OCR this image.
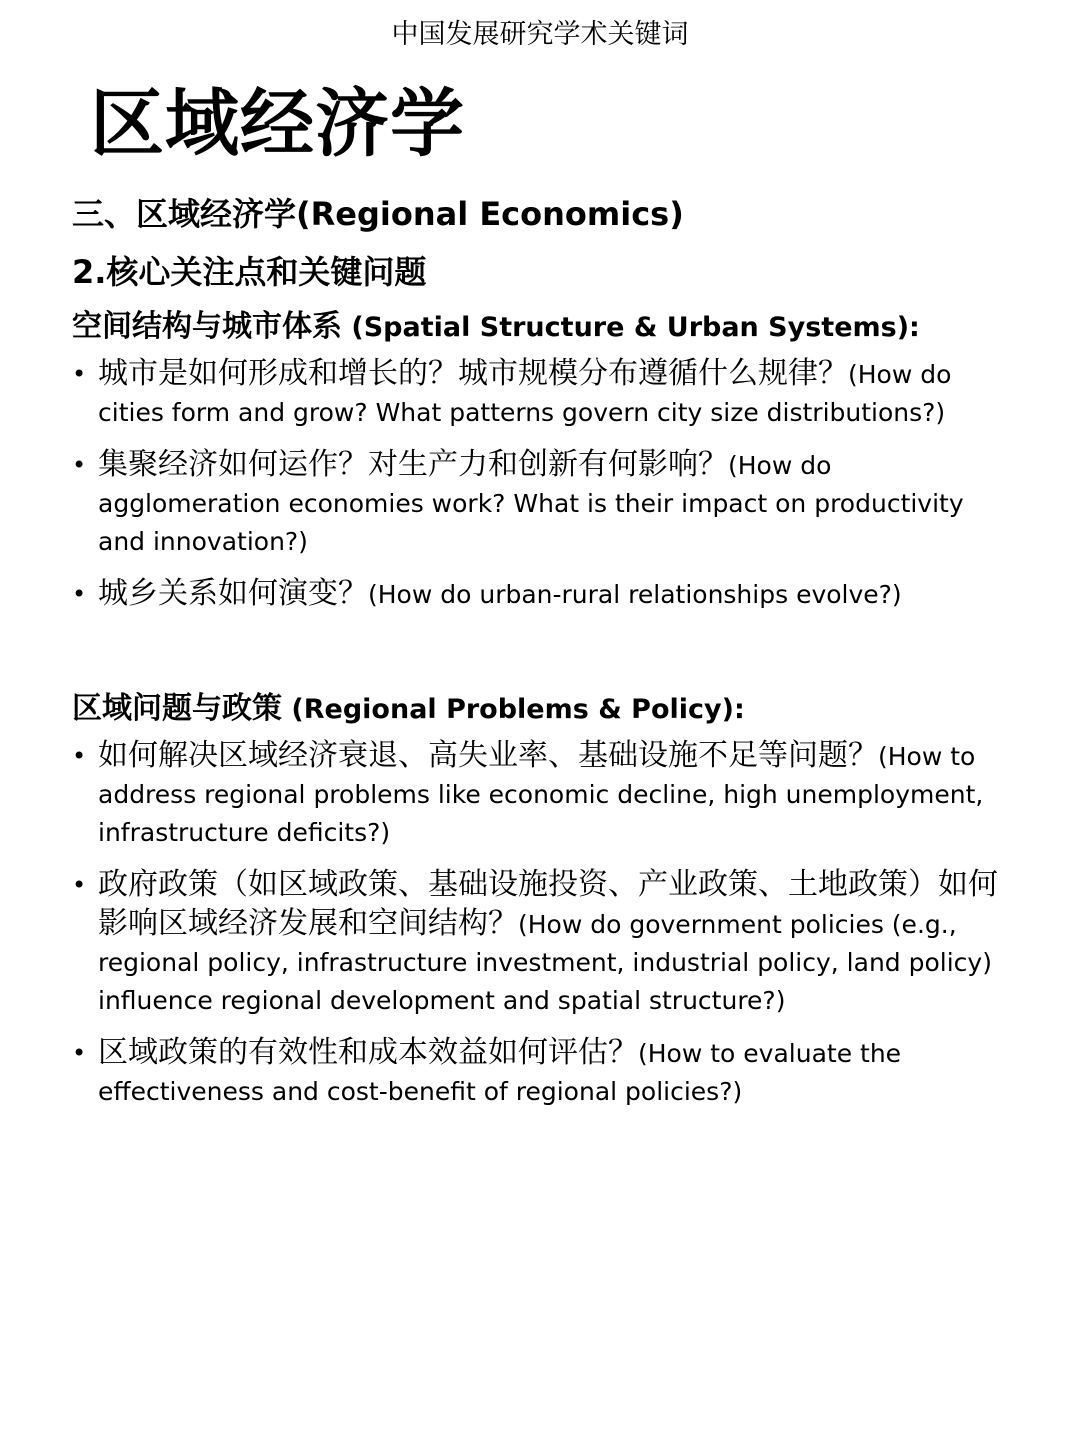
中国发展研究学术关键词
区域经济学
三、区域经济学(Regional Economics)
2.核心关注点和关键问题
空间结构与城市体系 (Spatial Structure & Urban Systems):
• 城市是如何形成和增长的？城市规模分布遵循什么规律？(How do cities form and grow? What patterns govern city size distributions?)
• 集聚经济如何运作？对生产力和创新有何影响？(How do agglomeration economies work? What is their impact on productivity and innovation?)
• 城乡关系如何演变？(How do urban-rural relationships evolve?)
区域问题与政策 (Regional Problems & Policy):
• 如何解决区域经济衰退、高失业率、基础设施不足等问题？(How to address regional problems like economic decline, high unemployment, infrastructure deficits?)
• 政府政策（如区域政策、基础设施投资、产业政策、土地政策）如何影响区域经济发展和空间结构？(How do government policies (e.g., regional policy, infrastructure investment, industrial policy, land policy) influence regional development and spatial structure?)
• 区域政策的有效性和成本效益如何评估？(How to evaluate the effectiveness and cost-benefit of regional policies?)
